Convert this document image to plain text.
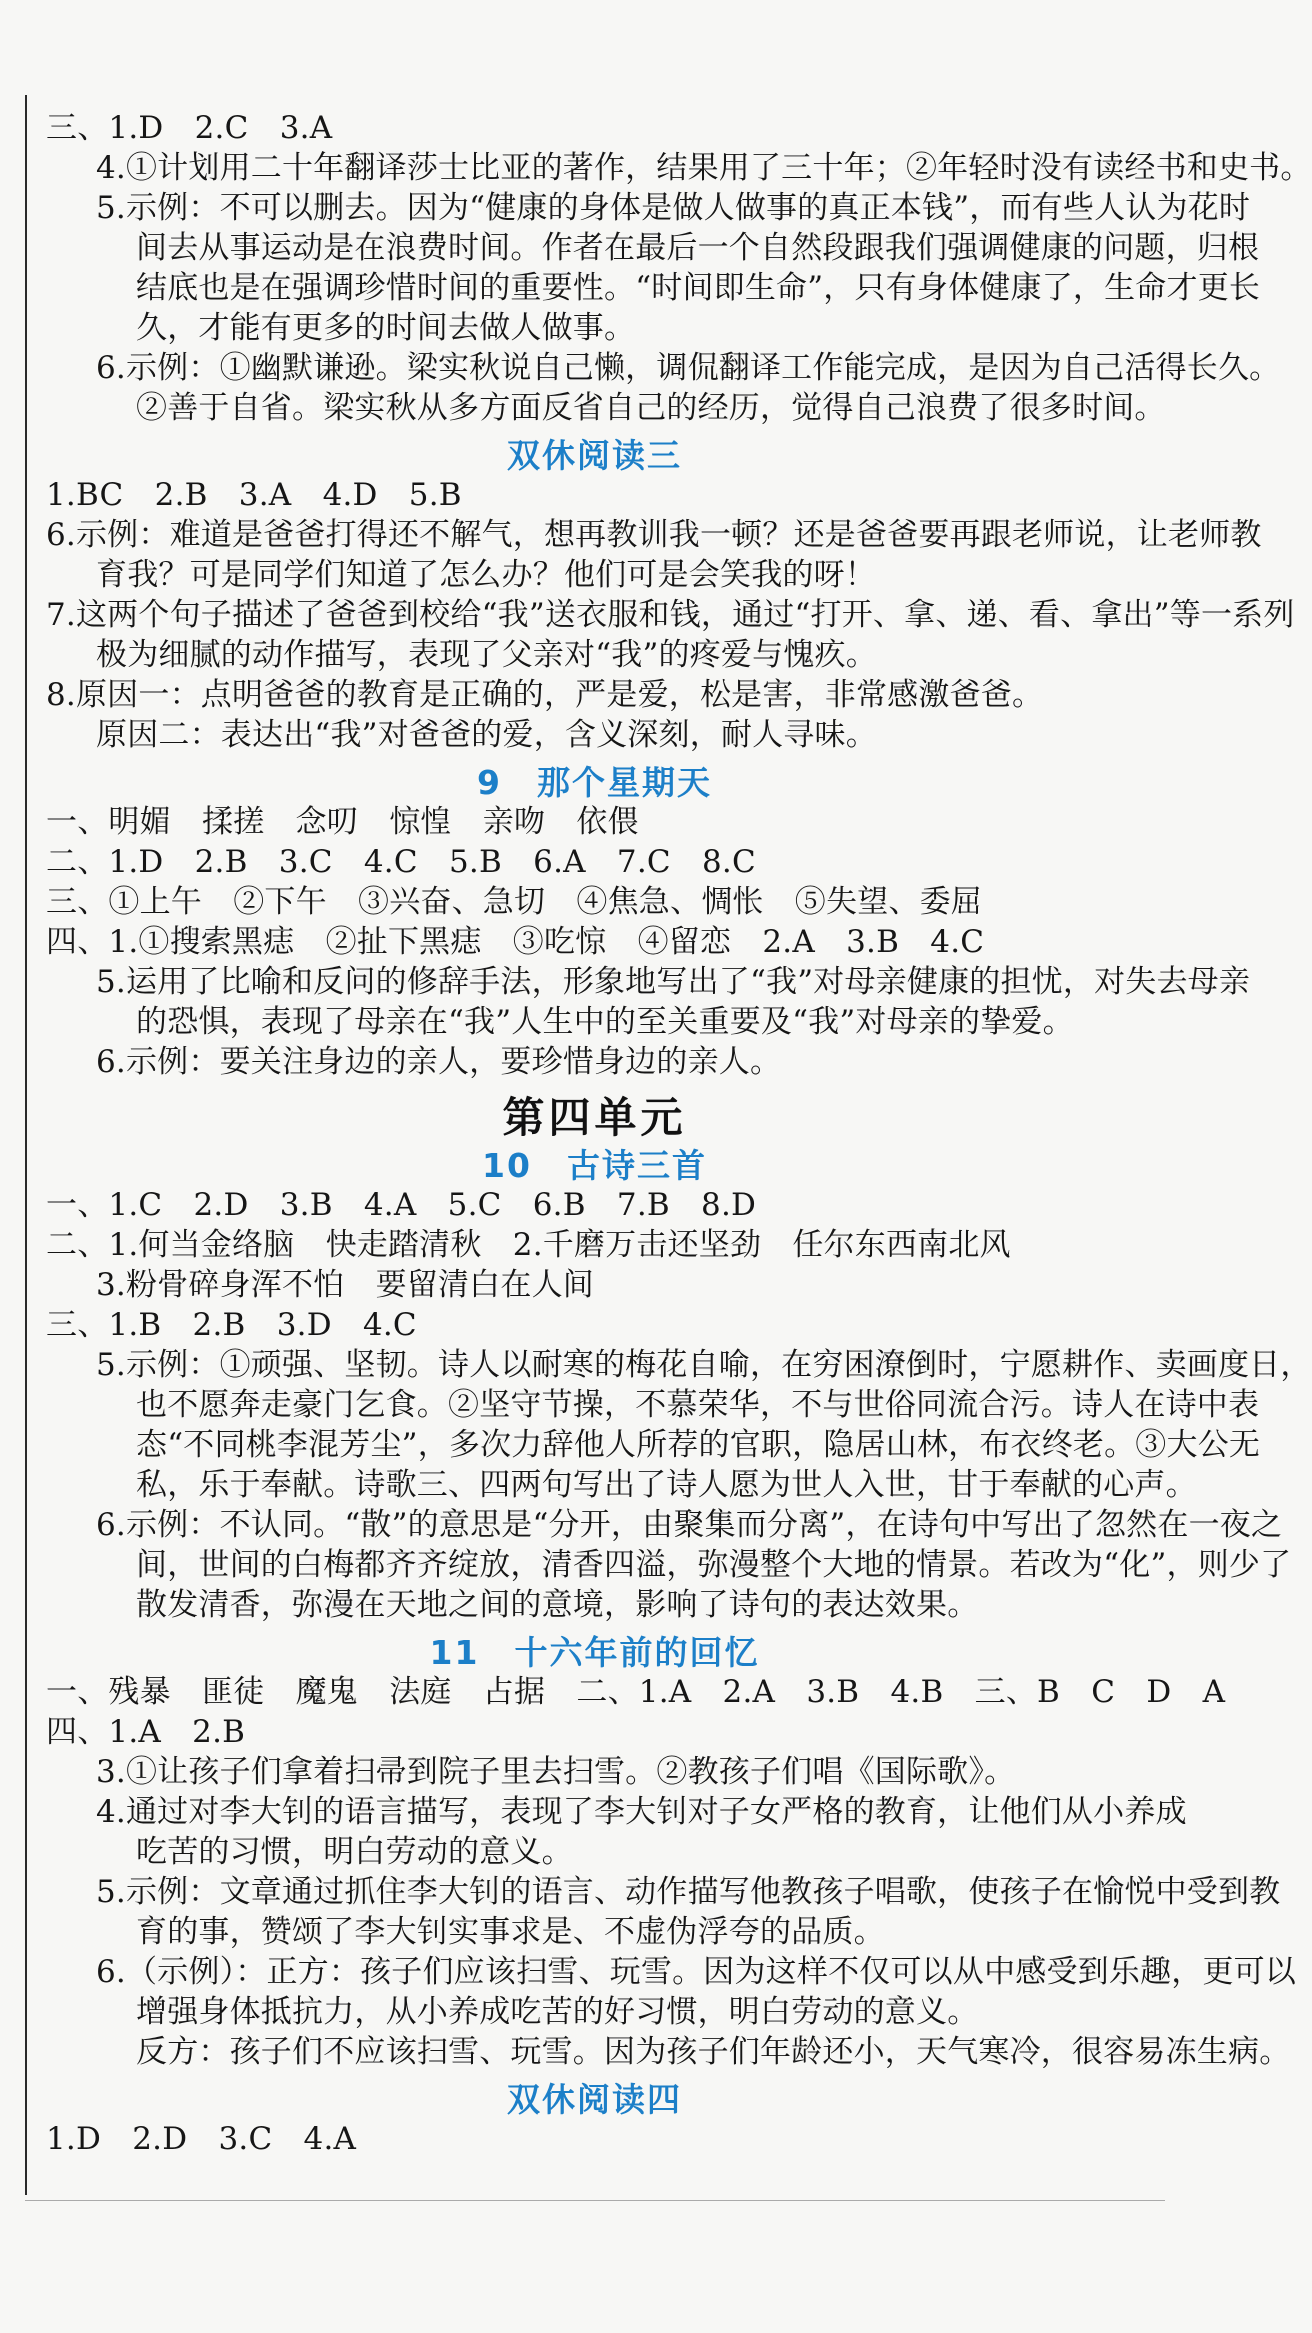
三、1.D　2.C　3.A
4.①计划用二十年翻译莎士比亚的著作，结果用了三十年；②年轻时没有读经书和史书。
5.示例：不可以删去。因为“健康的身体是做人做事的真正本钱”，而有些人认为花时
间去从事运动是在浪费时间。作者在最后一个自然段跟我们强调健康的问题，归根
结底也是在强调珍惜时间的重要性。“时间即生命”，只有身体健康了，生命才更长
久，才能有更多的时间去做人做事。
6.示例：①幽默谦逊。梁实秋说自己懒，调侃翻译工作能完成，是因为自己活得长久。
②善于自省。梁实秋从多方面反省自己的经历，觉得自己浪费了很多时间。
双休阅读三
1.BC　2.B　3.A　4.D　5.B
6.示例：难道是爸爸打得还不解气，想再教训我一顿？还是爸爸要再跟老师说，让老师教
育我？可是同学们知道了怎么办？他们可是会笑我的呀！
7.这两个句子描述了爸爸到校给“我”送衣服和钱，通过“打开、拿、递、看、拿出”等一系列
极为细腻的动作描写，表现了父亲对“我”的疼爱与愧疚。
8.原因一：点明爸爸的教育是正确的，严是爱，松是害，非常感激爸爸。
原因二：表达出“我”对爸爸的爱，含义深刻，耐人寻味。
9　那个星期天
一、明媚　揉搓　念叨　惊惶　亲吻　依偎
二、1.D　2.B　3.C　4.C　5.B　6.A　7.C　8.C
三、①上午　②下午　③兴奋、急切　④焦急、惆怅　⑤失望、委屈
四、1.①搜索黑痣　②扯下黑痣　③吃惊　④留恋　2.A　3.B　4.C
5.运用了比喻和反问的修辞手法，形象地写出了“我”对母亲健康的担忧，对失去母亲
的恐惧，表现了母亲在“我”人生中的至关重要及“我”对母亲的挚爱。
6.示例：要关注身边的亲人，要珍惜身边的亲人。
第四单元
10　古诗三首
一、1.C　2.D　3.B　4.A　5.C　6.B　7.B　8.D
二、1.何当金络脑　快走踏清秋　2.千磨万击还坚劲　任尔东西南北风
3.粉骨碎身浑不怕　要留清白在人间
三、1.B　2.B　3.D　4.C
5.示例：①顽强、坚韧。诗人以耐寒的梅花自喻，在穷困潦倒时，宁愿耕作、卖画度日，
也不愿奔走豪门乞食。②坚守节操，不慕荣华，不与世俗同流合污。诗人在诗中表
态“不同桃李混芳尘”，多次力辞他人所荐的官职，隐居山林，布衣终老。③大公无
私，乐于奉献。诗歌三、四两句写出了诗人愿为世人入世，甘于奉献的心声。
6.示例：不认同。“散”的意思是“分开，由聚集而分离”，在诗句中写出了忽然在一夜之
间，世间的白梅都齐齐绽放，清香四溢，弥漫整个大地的情景。若改为“化”，则少了
散发清香，弥漫在天地之间的意境，影响了诗句的表达效果。
11　十六年前的回忆
一、残暴　匪徒　魔鬼　法庭　占据　二、1.A　2.A　3.B　4.B　三、B　C　D　A
四、1.A　2.B
3.①让孩子们拿着扫帚到院子里去扫雪。②教孩子们唱《国际歌》。
4.通过对李大钊的语言描写，表现了李大钊对子女严格的教育，让他们从小养成
吃苦的习惯，明白劳动的意义。
5.示例：文章通过抓住李大钊的语言、动作描写他教孩子唱歌，使孩子在愉悦中受到教
育的事，赞颂了李大钊实事求是、不虚伪浮夸的品质。
6.（示例）：正方：孩子们应该扫雪、玩雪。因为这样不仅可以从中感受到乐趣，更可以
增强身体抵抗力，从小养成吃苦的好习惯，明白劳动的意义。
反方：孩子们不应该扫雪、玩雪。因为孩子们年龄还小，天气寒冷，很容易冻生病。
双休阅读四
1.D　2.D　3.C　4.A
